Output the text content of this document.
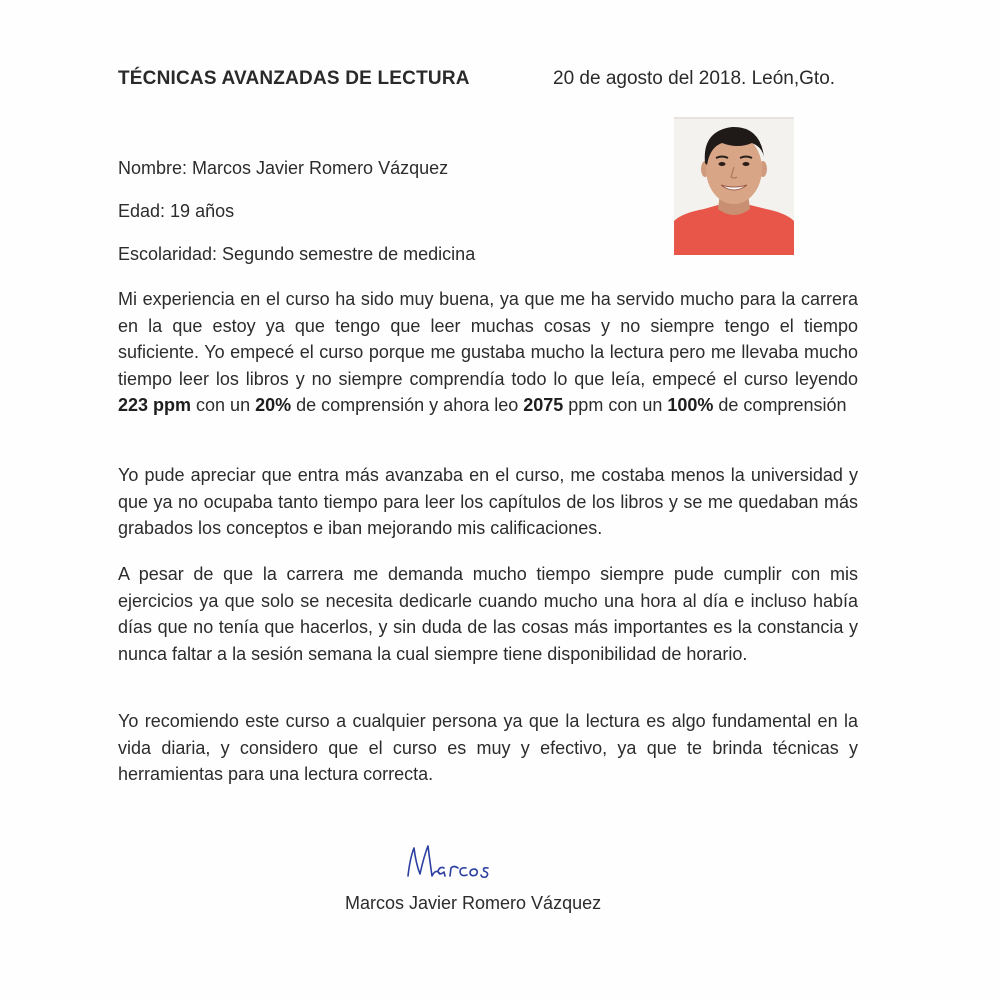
TÉCNICAS AVANZADAS DE LECTURA	20 de agosto del 2018. León,Gto.
Nombre: Marcos Javier Romero Vázquez
Edad: 19 años
Escolaridad: Segundo semestre de medicina

Mi experiencia en el curso ha sido muy buena, ya que me ha servido mucho para la carrera en la que estoy ya que tengo que leer muchas cosas y no siempre tengo el tiempo suficiente. Yo empecé el curso porque me gustaba mucho la lectura pero me llevaba mucho tiempo leer los libros y no siempre comprendía todo lo que leía, empecé el curso leyendo 223 ppm con un 20% de comprensión y ahora leo 2075 ppm con un 100% de comprensión

Yo pude apreciar que entra más avanzaba en el curso, me costaba menos la universidad y que ya no ocupaba tanto tiempo para leer los capítulos de los libros y se me quedaban más grabados los conceptos e iban mejorando mis calificaciones.

A pesar de que la carrera me demanda mucho tiempo siempre pude cumplir con mis ejercicios ya que solo se necesita dedicarle cuando mucho una hora al día e incluso había días que no tenía que hacerlos, y sin duda de las cosas más importantes es la constancia y nunca faltar a la sesión semana la cual siempre tiene disponibilidad de horario.

Yo recomiendo este curso a cualquier persona ya que la lectura es algo fundamental en la vida diaria, y considero que el curso es muy y efectivo, ya que te brinda técnicas y herramientas para una lectura correcta.

Marcos Javier Romero Vázquez
